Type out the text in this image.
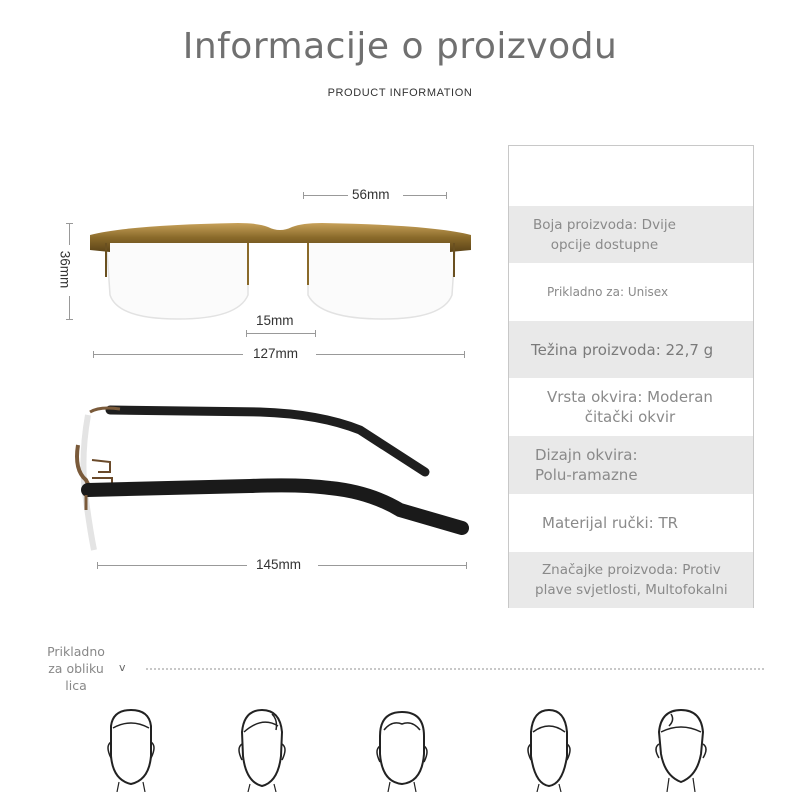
Informacije o proizvodu
PRODUCT INFORMATION
56mm
36mm
15mm
127mm
145mm
Boja proizvoda: Dvije
opcije dostupne
Prikladno za: Unisex
Težina proizvoda: 22,7 g
Vrsta okvira: Moderan
čitački okvir
Dizajn okvira:
Polu-ramazne
Materijal ručki: TR
Značajke proizvoda: Protiv
plave svjetlosti, Multofokalni
Prikladno
za obliku
lica
v
